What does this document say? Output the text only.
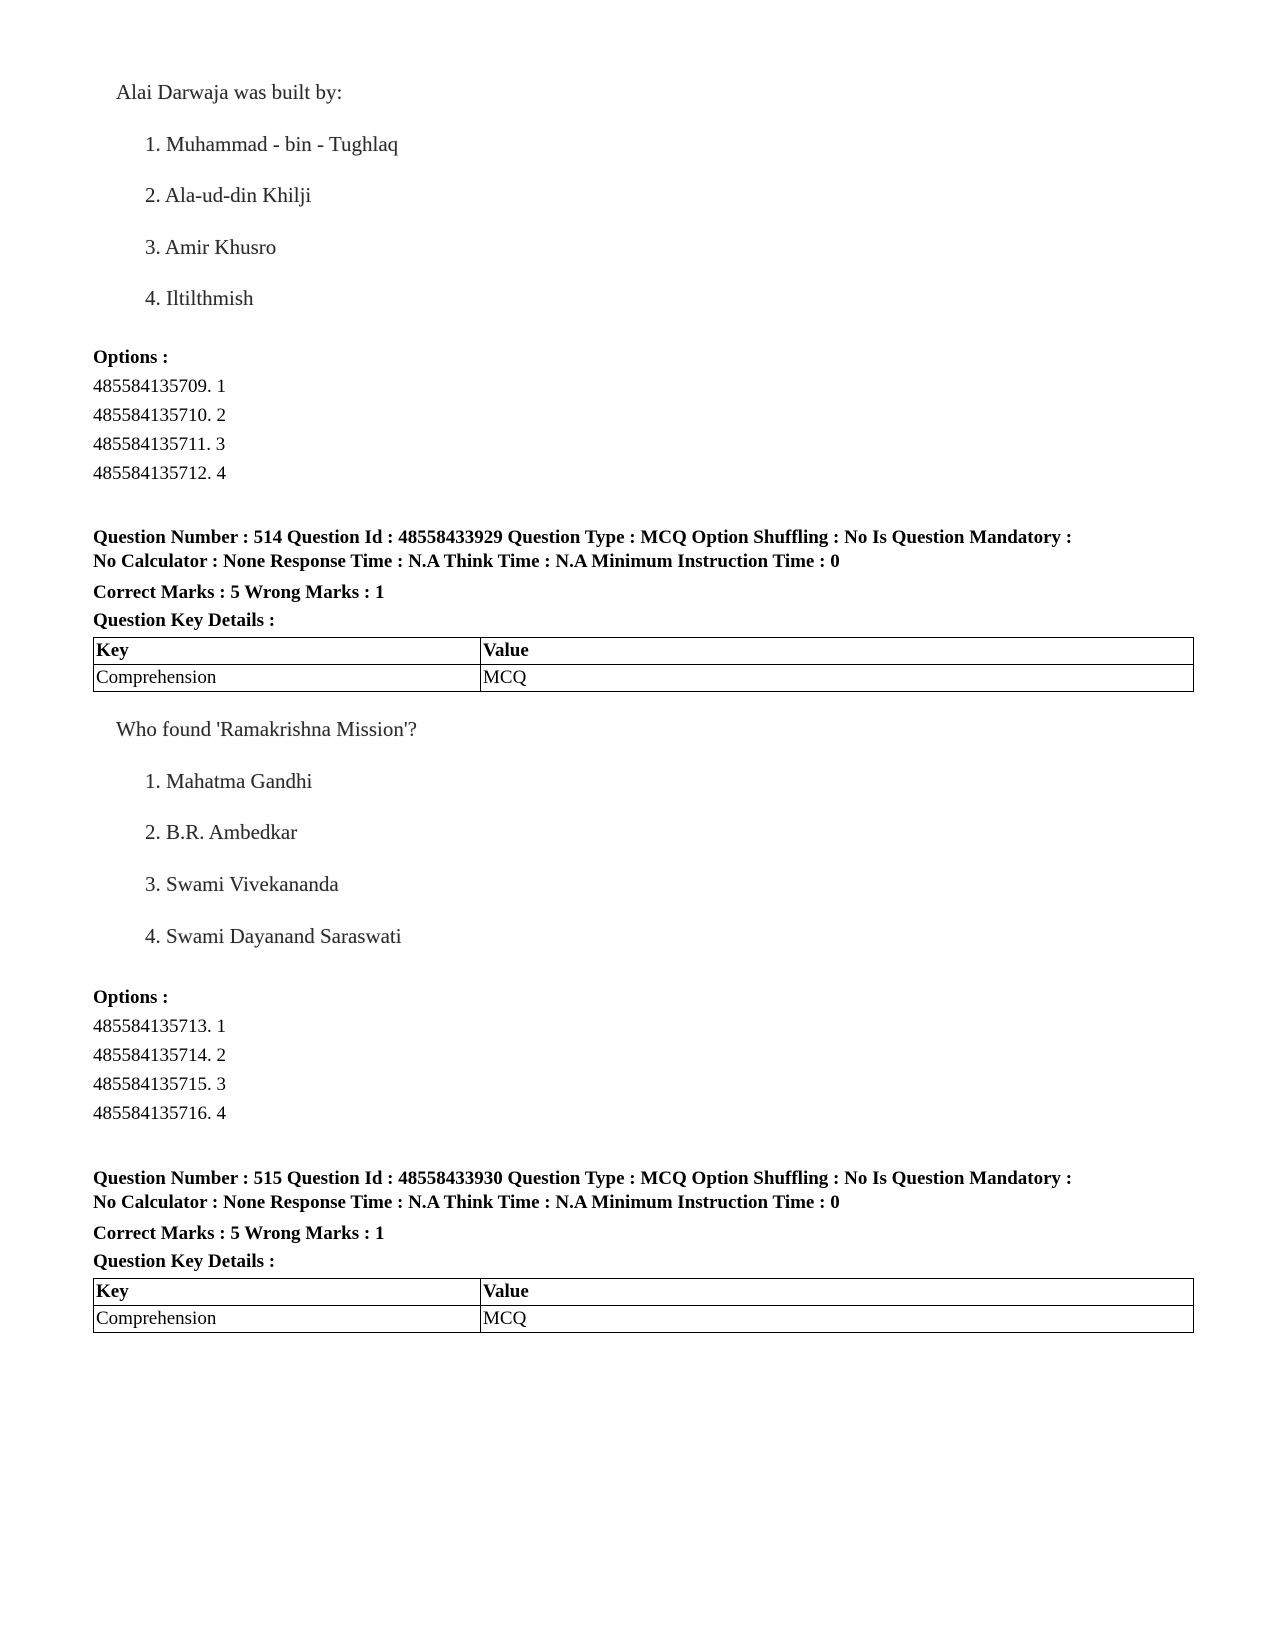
Alai Darwaja was built by:
1. Muhammad - bin - Tughlaq
2. Ala-ud-din Khilji
3. Amir Khusro
4. Iltilthmish
Options :
485584135709. 1
485584135710. 2
485584135711. 3
485584135712. 4
Question Number : 514 Question Id : 48558433929 Question Type : MCQ Option Shuffling : No Is Question Mandatory :
No Calculator : None Response Time : N.A Think Time : N.A Minimum Instruction Time : 0
Correct Marks : 5 Wrong Marks : 1
Question Key Details :
Key	Value
Comprehension	MCQ
Who found 'Ramakrishna Mission'?
1. Mahatma Gandhi
2. B.R. Ambedkar
3. Swami Vivekananda
4. Swami Dayanand Saraswati
Options :
485584135713. 1
485584135714. 2
485584135715. 3
485584135716. 4
Question Number : 515 Question Id : 48558433930 Question Type : MCQ Option Shuffling : No Is Question Mandatory :
No Calculator : None Response Time : N.A Think Time : N.A Minimum Instruction Time : 0
Correct Marks : 5 Wrong Marks : 1
Question Key Details :
Key	Value
Comprehension	MCQ
